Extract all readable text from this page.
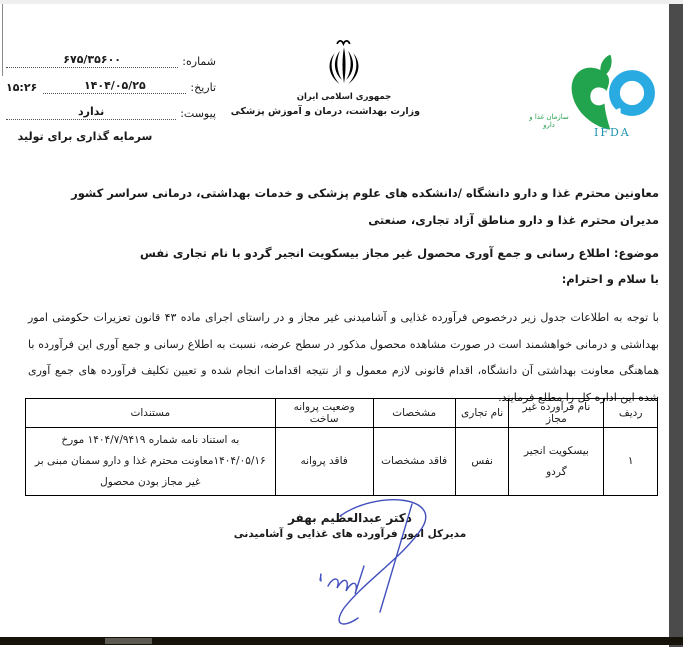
شماره:
۶۷۵/۳۵۶۰۰
تاریخ:
۱۴۰۴/۰۵/۲۵
۱۵:۲۶
پیوست:
ندارد
سرمایه گذاری برای تولید
جمهوری اسلامی ایران
وزارت بهداشت، درمان و آموزش پزشکی	سازمان غذا و دارو
IFDA
معاونین محترم غذا و دارو دانشگاه /دانشکده های علوم پزشکی و خدمات بهداشتی، درمانی سراسر کشور
مدیران محترم غذا و دارو مناطق آزاد تجاری، صنعتی
موضوع: اطلاع رسانی و جمع آوری محصول غیر مجاز بیسکویت انجیر گردو با نام تجاری نفس
با سلام و احترام:

با توجه به اطلاعات جدول زیر درخصوص فرآورده غذایی و آشامیدنی غیر مجاز و در راستای اجرای ماده ۴۳ قانون تعزیرات حکومتی امور بهداشتی و درمانی خواهشمند است در صورت مشاهده محصول مذکور در سطح عرضه، نسبت به اطلاع رسانی و جمع آوری این فرآورده با هماهنگی معاونت بهداشتی آن دانشگاه، اقدام قانونی لازم معمول و از نتیجه اقدامات انجام شده و تعیین تکلیف فرآورده های جمع آوری شده این اداره کل را مطلع فرمایند.

ردیف	نام فرآورده غیر مجاز	نام تجاری	مشخصات	وضعیت پروانه ساخت	مستندات
۱	بیسکویت انجیر گردو	نفس	فاقد مشخصات	فاقد پروانه	به استناد نامه شماره ۱۴۰۴/۷/۹۴۱۹ مورخ ۱۴۰۴/۰۵/۱۶معاونت محترم غذا و دارو سمنان مبنی بر غیر مجاز بودن محصول
دکتر عبدالعظیم بهفر
مدیرکل امور فرآورده های غذایی و آشامیدنی
